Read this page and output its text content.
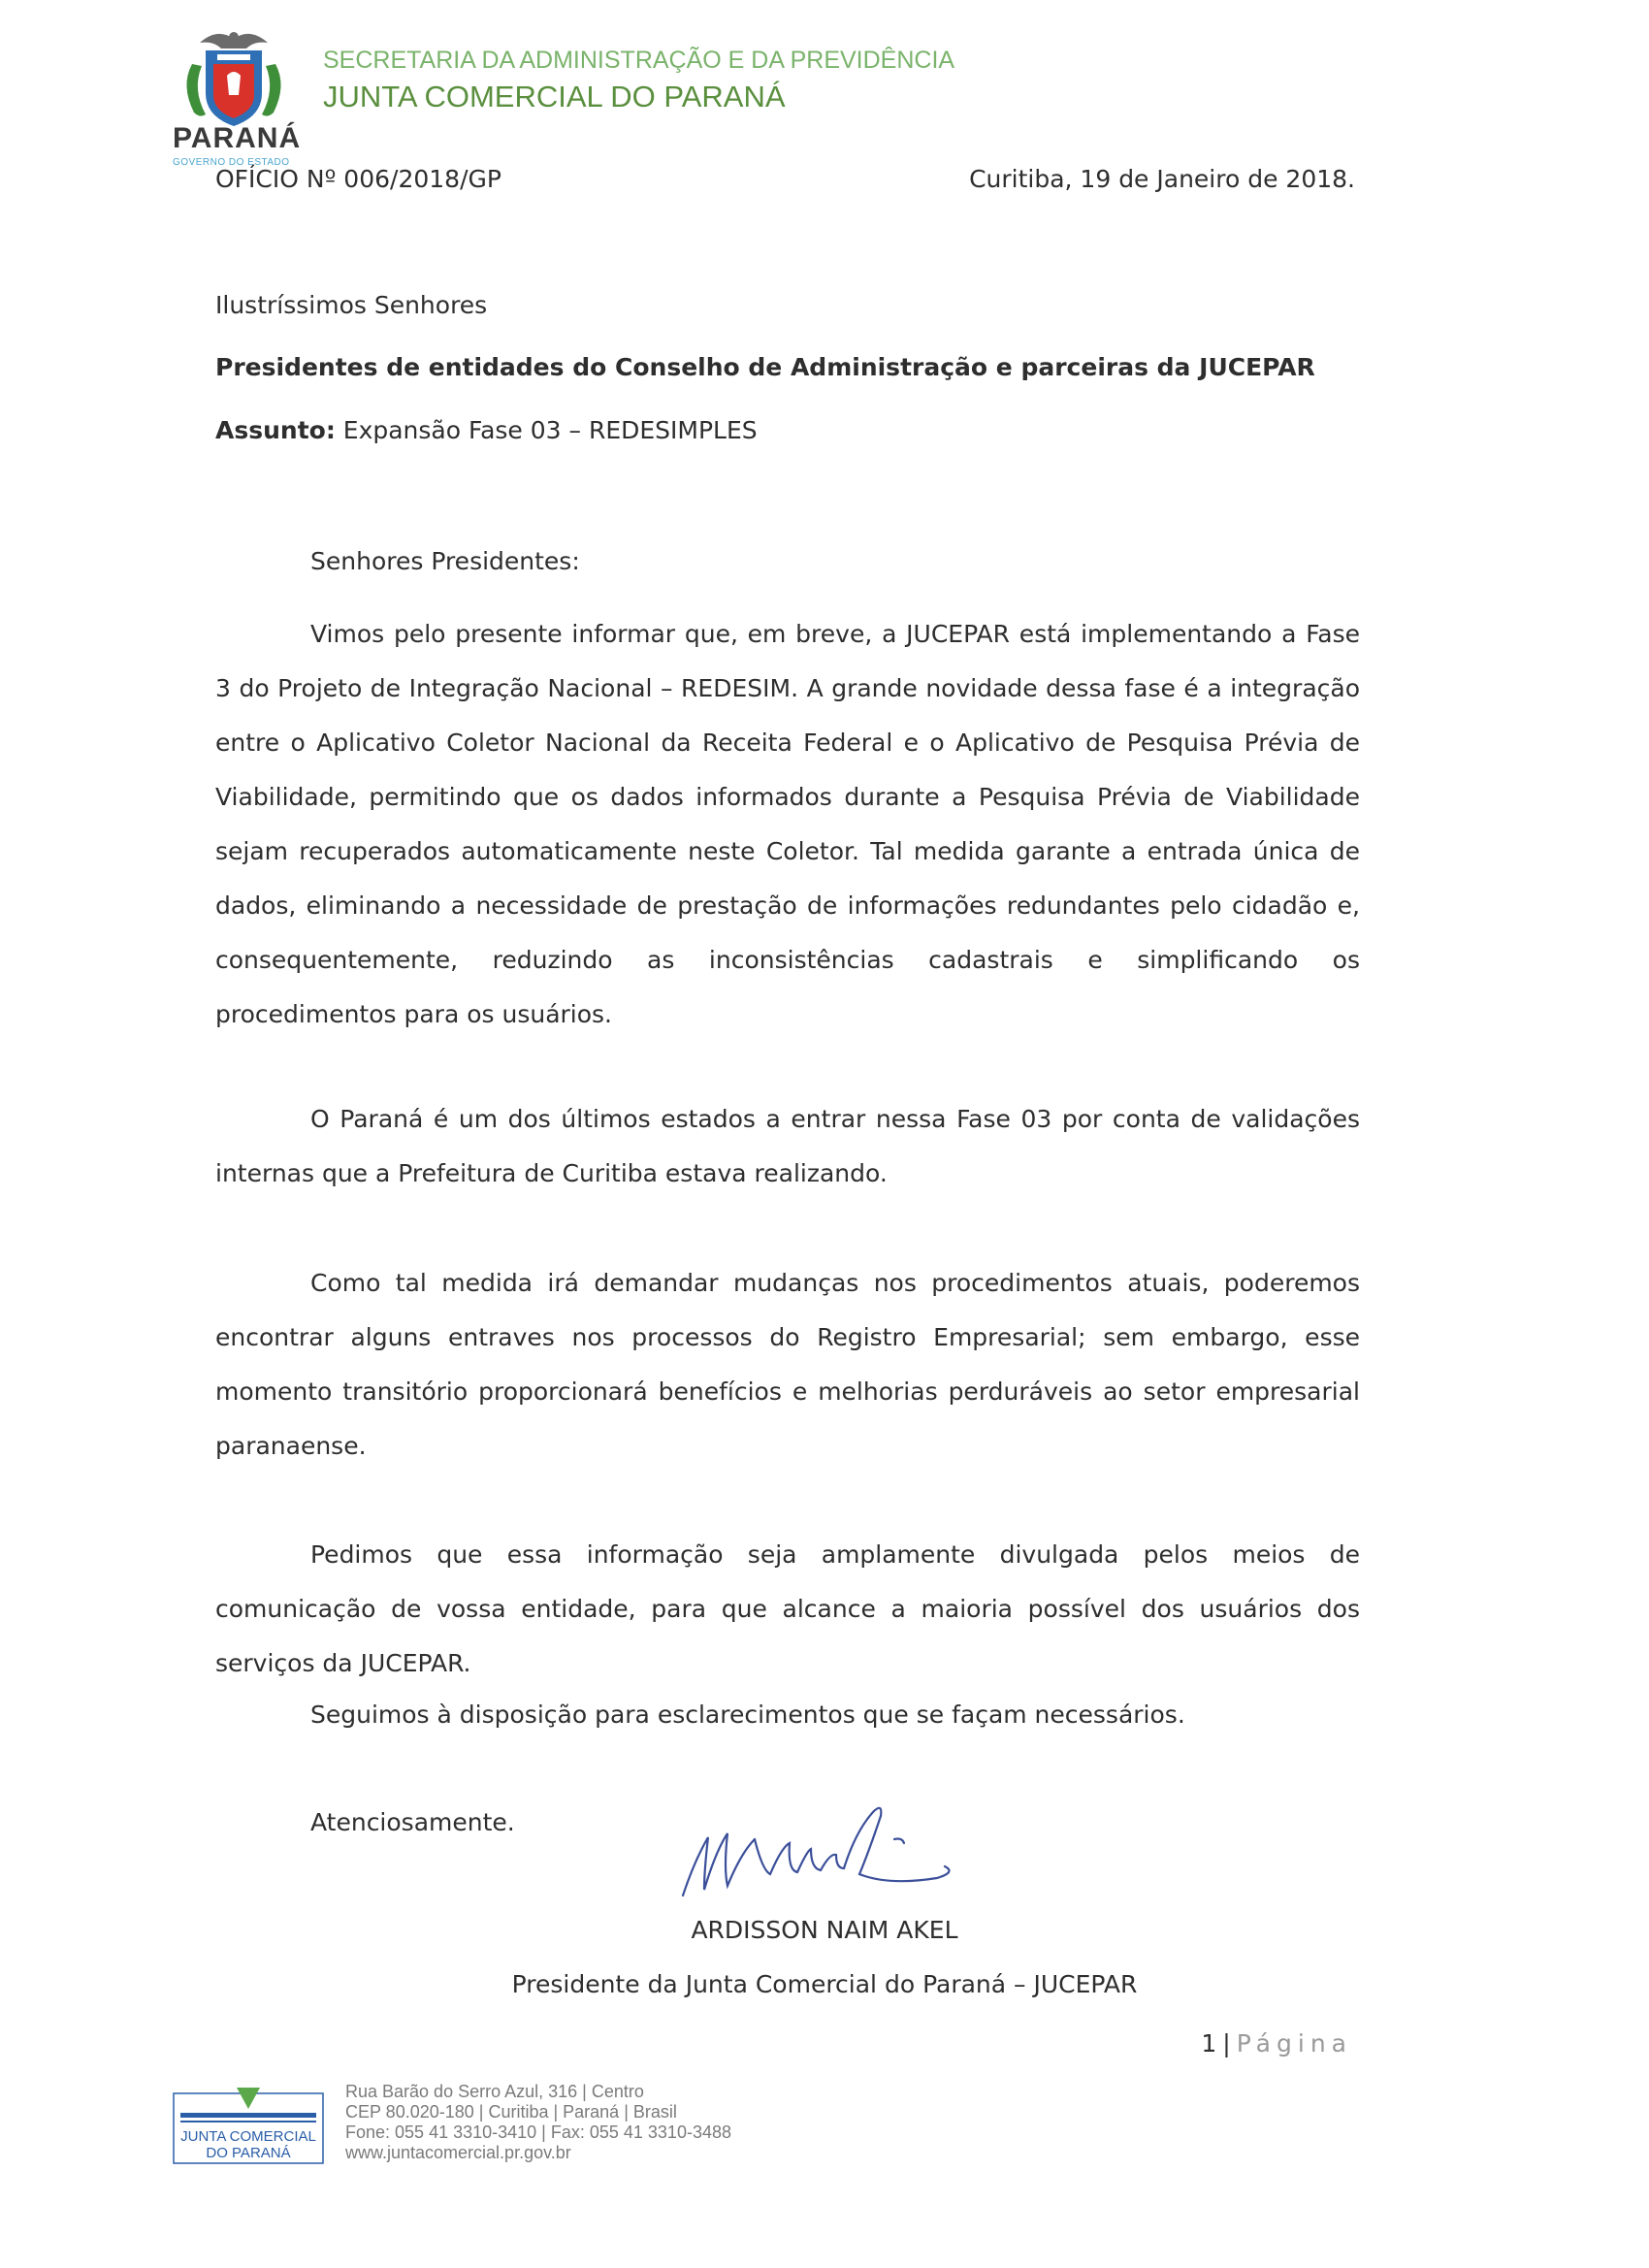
PARANÁ
GOVERNO DO ESTADO
SECRETARIA DA ADMINISTRAÇÃO E DA PREVIDÊNCIA
JUNTA COMERCIAL DO PARANÁ
OFÍCIO Nº 006/2018/GP	Curitiba, 19 de Janeiro de 2018.
Ilustríssimos Senhores
Presidentes de entidades do Conselho de Administração e parceiras da JUCEPAR
Assunto: Expansão Fase 03 – REDESIMPLES
Senhores Presidentes:

Vimos pelo presente informar que, em breve, a JUCEPAR está implementando a Fase 3 do Projeto de Integração Nacional – REDESIM. A grande novidade dessa fase é a integração entre o Aplicativo Coletor Nacional da Receita Federal e o Aplicativo de Pesquisa Prévia de Viabilidade, permitindo que os dados informados durante a Pesquisa Prévia de Viabilidade sejam recuperados automaticamente neste Coletor. Tal medida garante a entrada única de dados, eliminando a necessidade de prestação de informações redundantes pelo cidadão e, consequentemente, reduzindo as inconsistências cadastrais e simplificando os procedimentos para os usuários.

O Paraná é um dos últimos estados a entrar nessa Fase 03 por conta de validações internas que a Prefeitura de Curitiba estava realizando.

Como tal medida irá demandar mudanças nos procedimentos atuais, poderemos encontrar alguns entraves nos processos do Registro Empresarial; sem embargo, esse momento transitório proporcionará benefícios e melhorias perduráveis ao setor empresarial paranaense.

Pedimos que essa informação seja amplamente divulgada pelos meios de comunicação de vossa entidade, para que alcance a maioria possível dos usuários dos serviços da JUCEPAR.

Seguimos à disposição para esclarecimentos que se façam necessários.
Atenciosamente.
ARDISSON NAIM AKEL
Presidente da Junta Comercial do Paraná – JUCEPAR
1 | Página
JUNTA COMERCIAL
DO PARANÁ
Rua Barão do Serro Azul, 316 | Centro
CEP 80.020-180 | Curitiba | Paraná | Brasil
Fone: 055 41 3310-3410 | Fax: 055 41 3310-3488
www.juntacomercial.pr.gov.br
